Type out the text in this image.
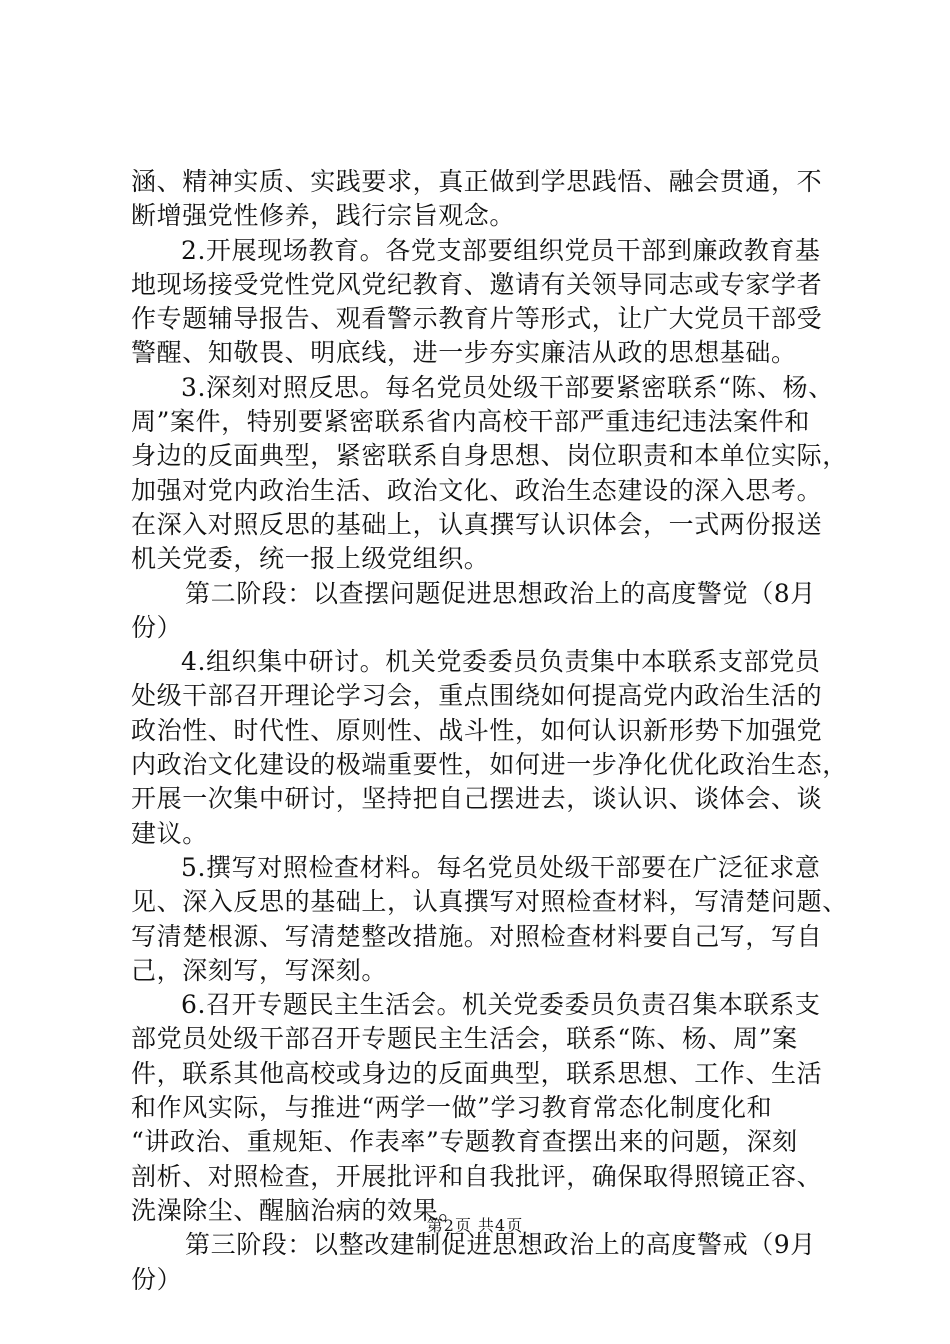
涵、精神实质、实践要求，真正做到学思践悟、融会贯通，不
断增强党性修养，践行宗旨观念。
2.开展现场教育。各党支部要组织党员干部到廉政教育基
地现场接受党性党风党纪教育、邀请有关领导同志或专家学者
作专题辅导报告、观看警示教育片等形式，让广大党员干部受
警醒、知敬畏、明底线，进一步夯实廉洁从政的思想基础。
3.深刻对照反思。每名党员处级干部要紧密联系“陈、杨、
周”案件，特别要紧密联系省内高校干部严重违纪违法案件和
身边的反面典型，紧密联系自身思想、岗位职责和本单位实际，
加强对党内政治生活、政治文化、政治生态建设的深入思考。
在深入对照反思的基础上，认真撰写认识体会，一式两份报送
机关党委，统一报上级党组织。
第二阶段：以查摆问题促进思想政治上的高度警觉（8月
份）
4.组织集中研讨。机关党委委员负责集中本联系支部党员
处级干部召开理论学习会，重点围绕如何提高党内政治生活的
政治性、时代性、原则性、战斗性，如何认识新形势下加强党
内政治文化建设的极端重要性，如何进一步净化优化政治生态，
开展一次集中研讨，坚持把自己摆进去，谈认识、谈体会、谈
建议。
5.撰写对照检查材料。每名党员处级干部要在广泛征求意
见、深入反思的基础上，认真撰写对照检查材料，写清楚问题、
写清楚根源、写清楚整改措施。对照检查材料要自己写，写自
己，深刻写，写深刻。
6.召开专题民主生活会。机关党委委员负责召集本联系支
部党员处级干部召开专题民主生活会，联系“陈、杨、周”案
件，联系其他高校或身边的反面典型，联系思想、工作、生活
和作风实际，与推进“两学一做”学习教育常态化制度化和
“讲政治、重规矩、作表率”专题教育查摆出来的问题，深刻
剖析、对照检查，开展批评和自我批评，确保取得照镜正容、
洗澡除尘、醒脑治病的效果。
第三阶段：以整改建制促进思想政治上的高度警戒（9月
份）
第2页 共4页
